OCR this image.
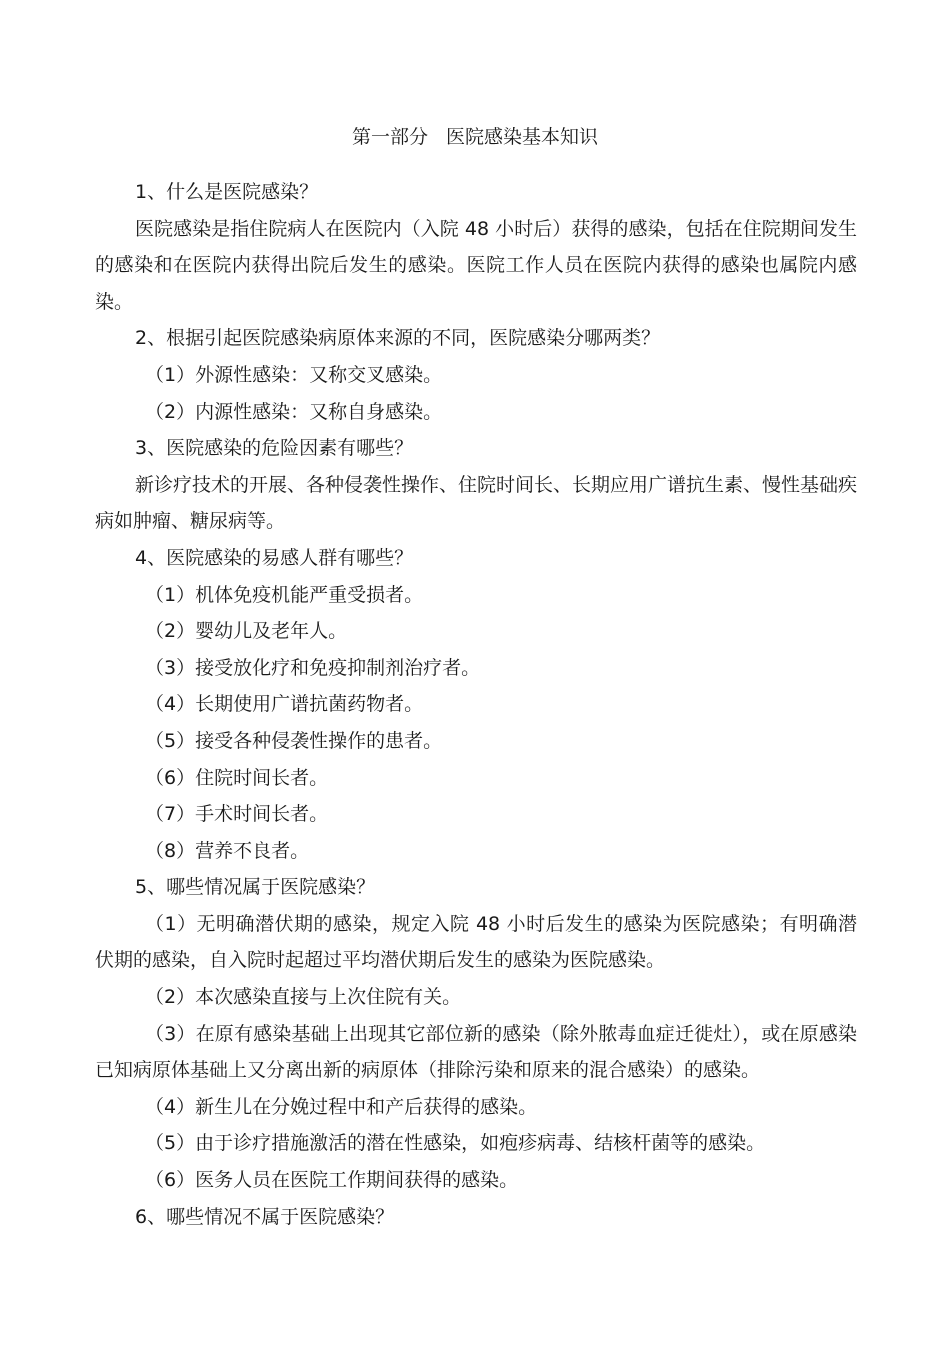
第一部分   医院感染基本知识

1、什么是医院感染？

医院感染是指住院病人在医院内（入院 48 小时后）获得的感染，包括在住院期间发生的感染和在医院内获得出院后发生的感染。医院工作人员在医院内获得的感染也属院内感染。

2、根据引起医院感染病原体来源的不同，医院感染分哪两类？

（1）外源性感染：又称交叉感染。

（2）内源性感染：又称自身感染。

3、医院感染的危险因素有哪些？

新诊疗技术的开展、各种侵袭性操作、住院时间长、长期应用广谱抗生素、慢性基础疾病如肿瘤、糖尿病等。

4、医院感染的易感人群有哪些？

（1）机体免疫机能严重受损者。

（2）婴幼儿及老年人。

（3）接受放化疗和免疫抑制剂治疗者。

（4）长期使用广谱抗菌药物者。

（5）接受各种侵袭性操作的患者。

（6）住院时间长者。

（7）手术时间长者。

（8）营养不良者。

5、哪些情况属于医院感染？

（1）无明确潜伏期的感染，规定入院 48 小时后发生的感染为医院感染；有明确潜伏期的感染，自入院时起超过平均潜伏期后发生的感染为医院感染。

（2）本次感染直接与上次住院有关。

（3）在原有感染基础上出现其它部位新的感染（除外脓毒血症迁徙灶），或在原感染已知病原体基础上又分离出新的病原体（排除污染和原来的混合感染）的感染。

（4）新生儿在分娩过程中和产后获得的感染。

（5）由于诊疗措施激活的潜在性感染，如疱疹病毒、结核杆菌等的感染。

（6）医务人员在医院工作期间获得的感染。

6、哪些情况不属于医院感染？
